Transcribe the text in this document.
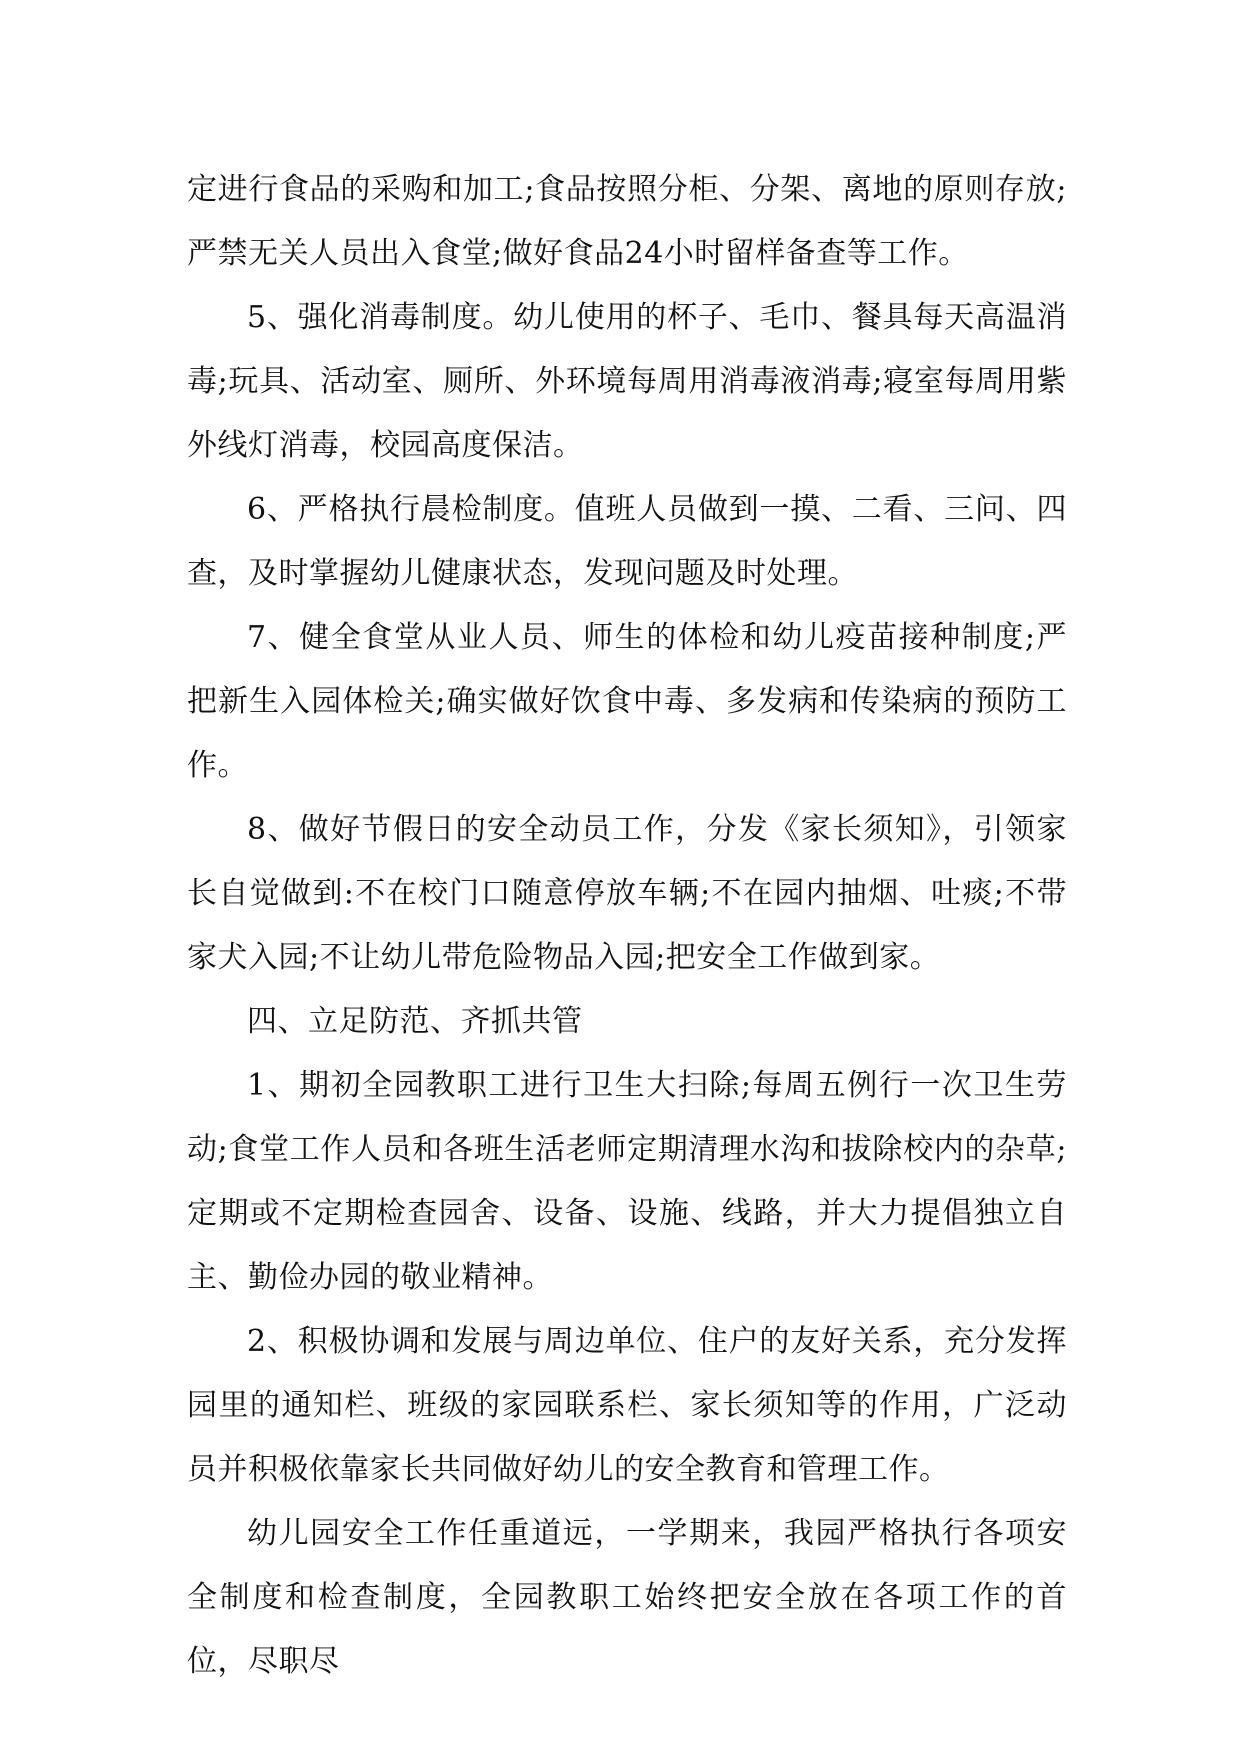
定进行食品的采购和加工;食品按照分柜、分架、离地的原则存放;严禁无关人员出入食堂;做好食品24小时留样备查等工作。

5、强化消毒制度。幼儿使用的杯子、毛巾、餐具每天高温消毒;玩具、活动室、厕所、外环境每周用消毒液消毒;寝室每周用紫外线灯消毒，校园高度保洁。

6、严格执行晨检制度。值班人员做到一摸、二看、三问、四查，及时掌握幼儿健康状态，发现问题及时处理。

7、健全食堂从业人员、师生的体检和幼儿疫苗接种制度;严把新生入园体检关;确实做好饮食中毒、多发病和传染病的预防工作。

8、做好节假日的安全动员工作，分发《家长须知》，引领家长自觉做到:不在校门口随意停放车辆;不在园内抽烟、吐痰;不带家犬入园;不让幼儿带危险物品入园;把安全工作做到家。

四、立足防范、齐抓共管

1、期初全园教职工进行卫生大扫除;每周五例行一次卫生劳动;食堂工作人员和各班生活老师定期清理水沟和拔除校内的杂草;定期或不定期检查园舍、设备、设施、线路，并大力提倡独立自主、勤俭办园的敬业精神。

2、积极协调和发展与周边单位、住户的友好关系，充分发挥园里的通知栏、班级的家园联系栏、家长须知等的作用，广泛动员并积极依靠家长共同做好幼儿的安全教育和管理工作。

幼儿园安全工作任重道远，一学期来，我园严格执行各项安全制度和检查制度，全园教职工始终把安全放在各项工作的首位，尽职尽
